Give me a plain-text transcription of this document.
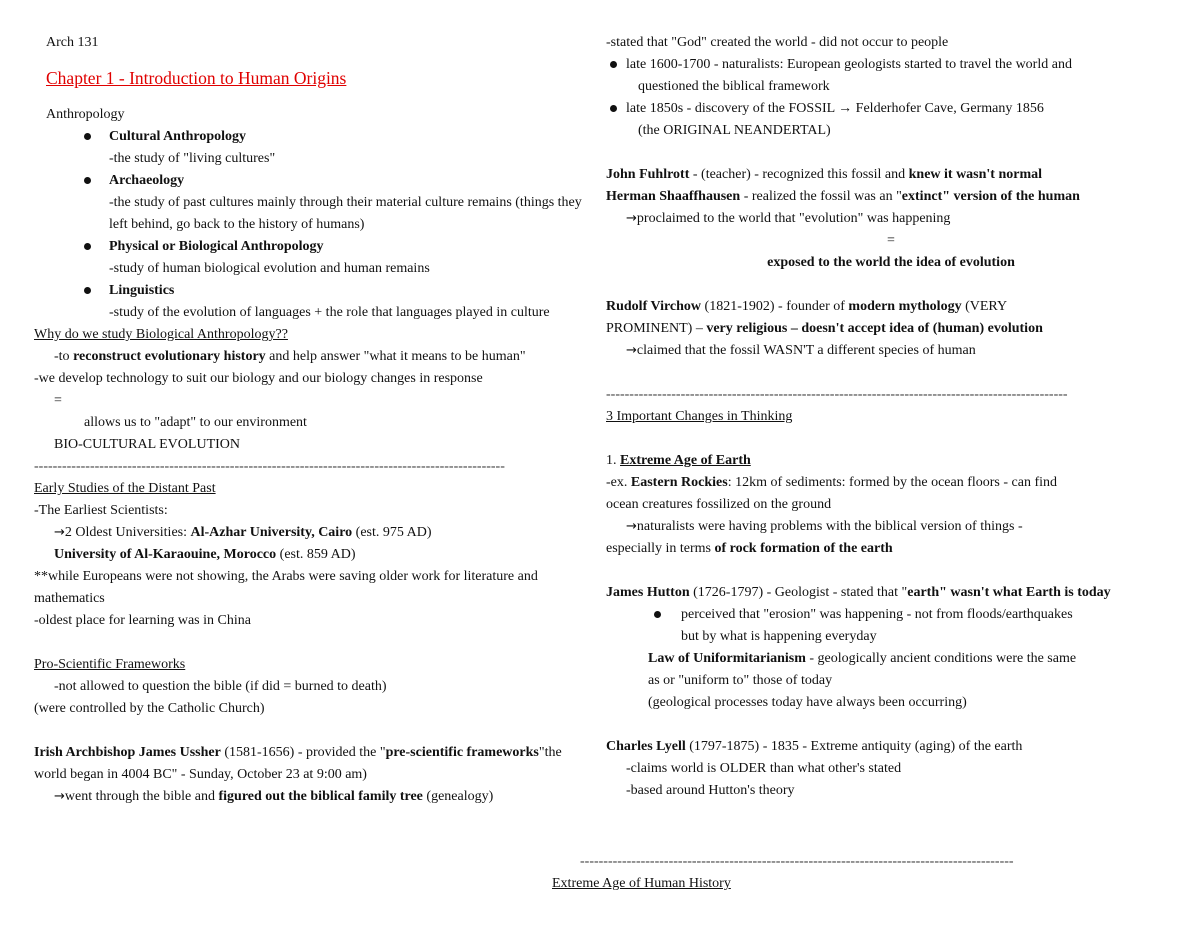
Arch 131
Chapter 1 - Introduction to Human Origins
Anthropology
Cultural Anthropology
-the study of "living cultures"
Archaeology
-the study of past cultures mainly through their material culture remains (things they left behind, go back to the history of humans)
Physical or Biological Anthropology
-study of human biological evolution and human remains
Linguistics
-study of the evolution of languages + the role that languages played in culture
Why do we study Biological Anthropology??
-to reconstruct evolutionary history and help answer "what it means to be human"
-we develop technology to suit our biology and our biology changes in response
=
allows us to "adapt" to our environment
BIO-CULTURAL EVOLUTION
-----------------------------------------------------------------------------------------------------
Early Studies of the Distant Past
-The Earliest Scientists:
→2 Oldest Universities: Al-Azhar University, Cairo (est. 975 AD)
University of Al-Karaouine, Morocco (est. 859 AD)
**while Europeans were not showing, the Arabs were saving older work for literature and mathematics
-oldest place for learning was in China
Pro-Scientific Frameworks
-not allowed to question the bible (if did = burned to death)
(were controlled by the Catholic Church)
Irish Archbishop James Ussher (1581-1656) - provided the "pre-scientific frameworks"the world began in 4004 BC" - Sunday, October 23 at 9:00 am)
→went through the bible and figured out the biblical family tree (genealogy)
-stated that "God" created the world - did not occur to people
late 1600-1700 - naturalists: European geologists started to travel the world and
questioned the biblical framework
late 1850s - discovery of the FOSSIL → Felderhofer Cave, Germany 1856
(the ORIGINAL NEANDERTAL)
John Fuhlrott - (teacher) - recognized this fossil and knew it wasn't normal
Herman Shaaffhausen - realized the fossil was an "extinct" version of the human
→proclaimed to the world that "evolution" was happening
=
exposed to the world the idea of evolution
Rudolf Virchow (1821-1902) - founder of modern mythology (VERY
PROMINENT) – very religious – doesn't accept idea of (human) evolution
→claimed that the fossil WASN'T a different species of human
---------------------------------------------------------------------------------------------------
3 Important Changes in Thinking
1. Extreme Age of Earth
-ex. Eastern Rockies: 12km of sediments: formed by the ocean floors - can find
ocean creatures fossilized on the ground
→naturalists were having problems with the biblical version of things -
especially in terms of rock formation of the earth
James Hutton (1726-1797) - Geologist - stated that "earth" wasn't what Earth is today
perceived that "erosion" was happening - not from floods/earthquakes
but by what is happening everyday
Law of Uniformitarianism - geologically ancient conditions were the same
as or "uniform to" those of today
(geological processes today have always been occurring)
Charles Lyell (1797-1875) - 1835 - Extreme antiquity (aging) of the earth
-claims world is OLDER than what other's stated
-based around Hutton's theory
---------------------------------------------------------------------------------------------
Extreme Age of Human History
